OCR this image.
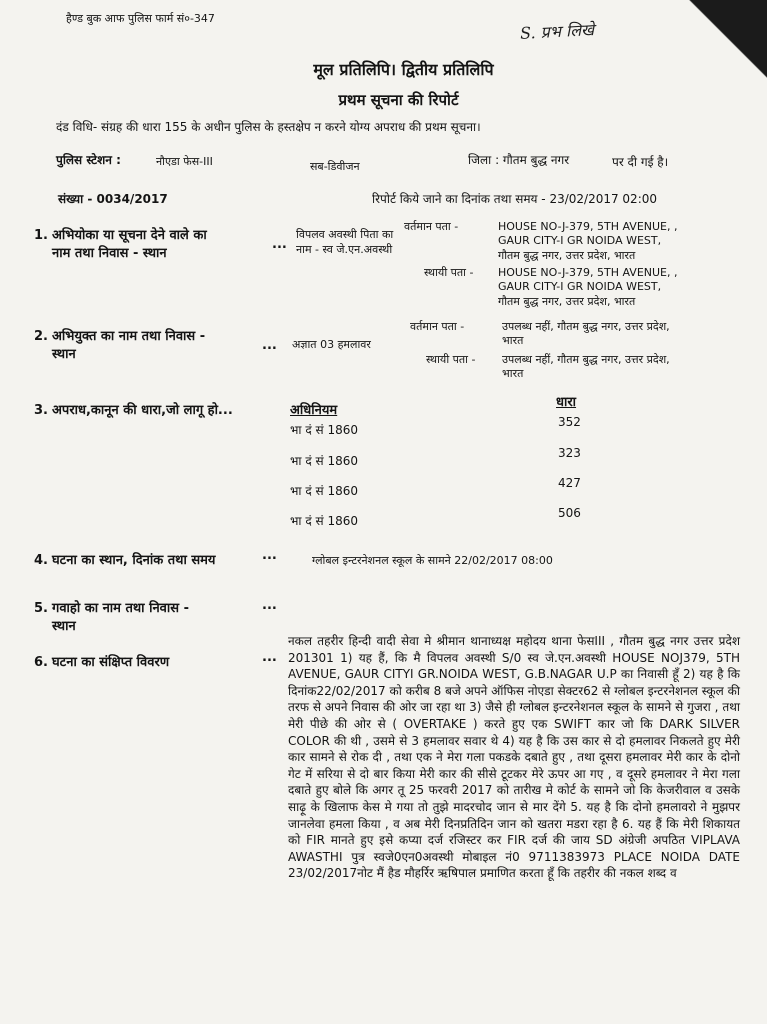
हैण्ड बुक आफ पुलिस फार्म सं०-347
S. प्रभ लिखे
मूल प्रतिलिपि। द्वितीय प्रतिलिपि
प्रथम सूचना की रिपोर्ट
दंड विधि- संग्रह की धारा 155 के अधीन पुलिस के हस्तक्षेप न करने योग्य अपराध की प्रथम सूचना।
पुलिस स्टेशन :	नौएडा फेस-III	सब-डिवीजन	जिला : गौतम बुद्ध नगर	पर दी गई है।
संख्या - 0034/2017	रिपोर्ट किये जाने का दिनांक तथा समय - 23/02/2017 02:00
1. अभियोका या सूचना देने वाले का
नाम तथा निवास - स्थान
...
विपलव अवस्थी पिता का
नाम - स्व जे.एन.अवस्थी
वर्तमान पता -	HOUSE NO-J-379, 5TH AVENUE, ,
GAUR CITY-I GR NOIDA WEST,
गौतम बुद्ध नगर, उत्तर प्रदेश, भारत
स्थायी पता -	HOUSE NO-J-379, 5TH AVENUE, ,
GAUR CITY-I GR NOIDA WEST,
गौतम बुद्ध नगर, उत्तर प्रदेश, भारत
2. अभियुक्त का नाम तथा निवास -
स्थान
... अज्ञात 03 हमलावर
वर्तमान पता -	उपलब्ध नहीं, गौतम बुद्ध नगर, उत्तर प्रदेश,
भारत
स्थायी पता -	उपलब्ध नहीं, गौतम बुद्ध नगर, उत्तर प्रदेश,
भारत
3. अपराध,कानून की धारा,जो लागू हो...	अधिनियम
धारा
भा दं सं 1860
352
भा दं सं 1860
323
भा दं सं 1860
427
भा दं सं 1860
506
4. घटना का स्थान, दिनांक तथा समय	...	ग्लोबल इन्टरनेशनल स्कूल के सामने 22/02/2017 08:00
5. गवाहो का नाम तथा निवास -
स्थान
...
6. घटना का संक्षिप्त विवरण	...
नकल तहरीर हिन्दी वादी सेवा मे श्रीमान थानाध्यक्ष महोदय थाना फेसIII , गौतम बुद्ध नगर उत्तर प्रदेश 201301 1) यह हैं, कि मै विपलव अवस्थी S/0 स्व जे.एन.अवस्थी HOUSE NOJ379, 5TH AVENUE, GAUR CITYI GR.NOIDA WEST, G.B.NAGAR U.P का निवासी हूँ 2) यह है कि दिनांक22/02/2017 को करीब 8 बजे अपने ऑफिस नोएडा सेक्टर62 से ग्लोबल इन्टरनेशनल स्कूल की तरफ से अपने निवास की ओर जा रहा था 3) जैसे ही ग्लोबल इन्टरनेशनल स्कूल के सामने से गुजरा , तथा मेरी पीछे की ओर से ( OVERTAKE ) करते हुए एक SWIFT कार जो कि DARK SILVER COLOR की थी , उसमे से 3 हमलावर सवार थे 4) यह है कि उस कार से दो हमलावर निकलते हुए मेरी कार सामने से रोक दी , तथा एक ने मेरा गला पकडके दबाते हुए , तथा दूसरा हमलावर मेरी कार के दोनो गेट में सरिया से दो बार किया मेरी कार की सीसे टूटकर मेरे ऊपर आ गए , व दूसरे हमलावर ने मेरा गला दबाते हुए बोले कि अगर तू 25 फरवरी 2017 को तारीख मे कोर्ट के सामने जो कि केजरीवाल व उसके साढ़ू के खिलाफ केस मे गया तो तुझे मादरचोद जान से मार देंगे 5. यह है कि दोनो हमलावरो ने मुझपर जानलेवा हमला किया , व अब मेरी दिनप्रतिदिन जान को खतरा मडरा रहा है 6. यह हैं कि मेरी शिकायत को FIR मानते हुए इसे कप्या दर्ज रजिस्टर कर FIR दर्ज की जाय SD अंग्रेजी अपठित VIPLAVA AWASTHI पुत्र स्वजे0एन0अवस्थी मोबाइल नं0 9711383973 PLACE NOIDA DATE 23/02/2017नोट मैं हैड मौहर्रिर ऋषिपाल प्रमाणित करता हूँ कि तहरीर की नकल शब्द व
